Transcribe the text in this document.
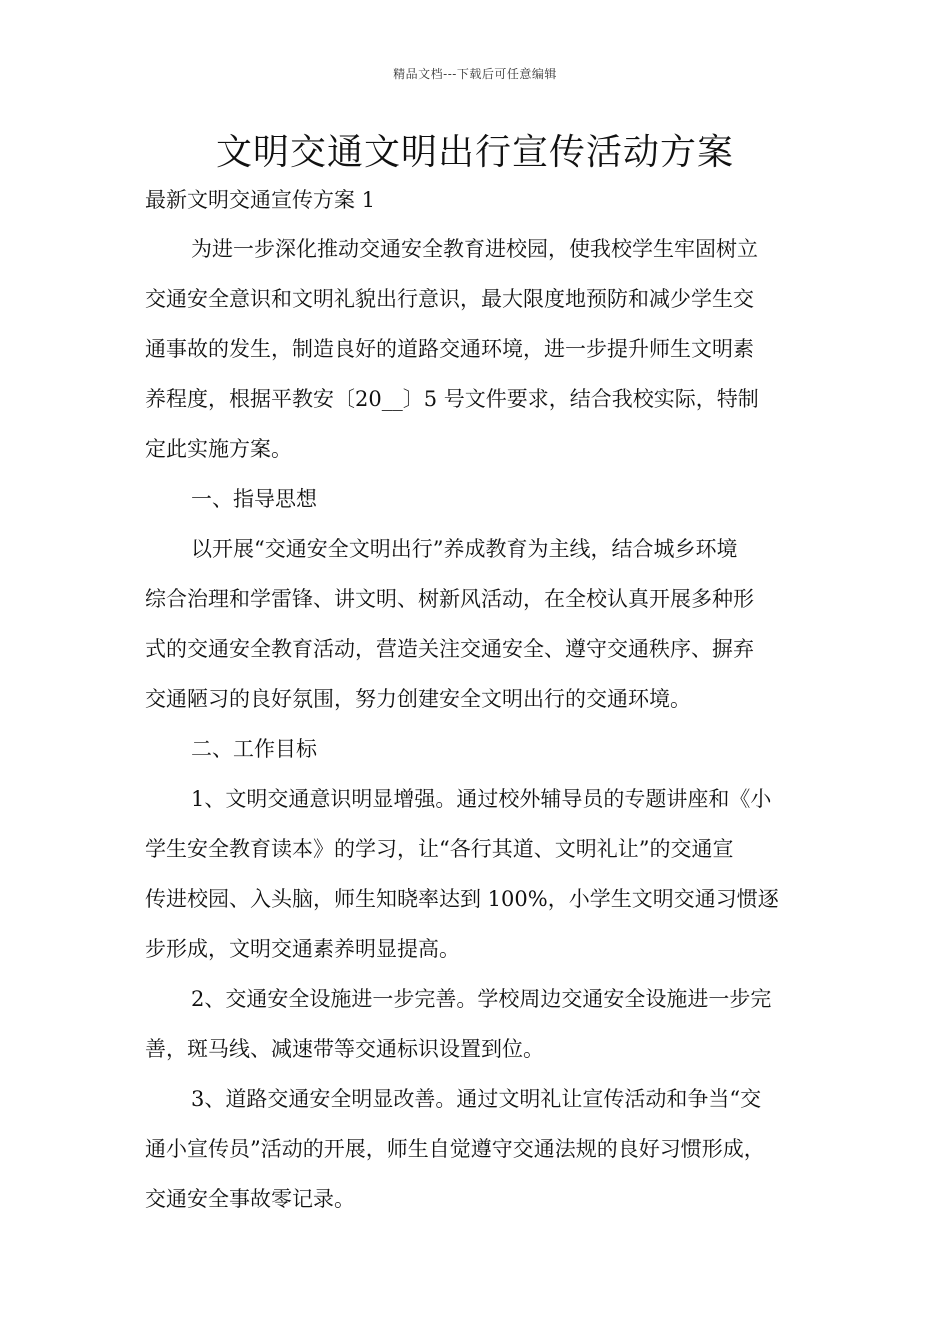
精品文档---下载后可任意编辑
文明交通文明出行宣传活动方案
最新文明交通宣传方案 1
为进一步深化推动交通安全教育进校园，使我校学生牢固树立
交通安全意识和文明礼貌出行意识，最大限度地预防和减少学生交
通事故的发生，制造良好的道路交通环境，进一步提升师生文明素
养程度，根据平教安〔20__〕5 号文件要求，结合我校实际，特制
定此实施方案。
一、指导思想
以开展“交通安全文明出行”养成教育为主线，结合城乡环境
综合治理和学雷锋、讲文明、树新风活动，在全校认真开展多种形
式的交通安全教育活动，营造关注交通安全、遵守交通秩序、摒弃
交通陋习的良好氛围，努力创建安全文明出行的交通环境。
二、工作目标
1、文明交通意识明显增强。通过校外辅导员的专题讲座和《小
学生安全教育读本》的学习，让“各行其道、文明礼让”的交通宣
传进校园、入头脑，师生知晓率达到 100%，小学生文明交通习惯逐
步形成，文明交通素养明显提高。
2、交通安全设施进一步完善。学校周边交通安全设施进一步完
善，斑马线、减速带等交通标识设置到位。
3、道路交通安全明显改善。通过文明礼让宣传活动和争当“交
通小宣传员”活动的开展，师生自觉遵守交通法规的良好习惯形成，
交通安全事故零记录。
